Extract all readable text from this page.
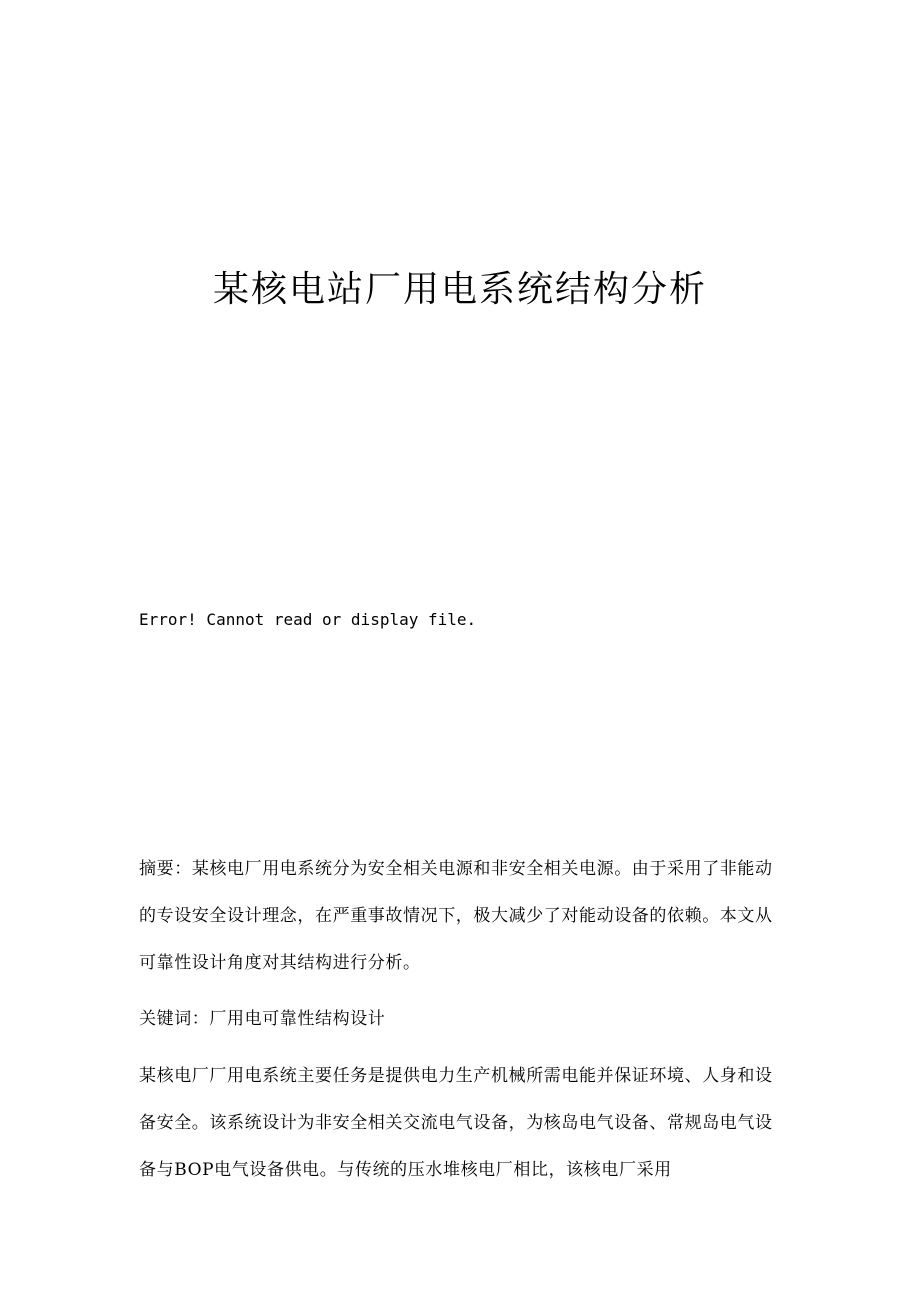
某核电站厂用电系统结构分析
Error! Cannot read or display file.

摘要：某核电厂用电系统分为安全相关电源和非安全相关电源。由于采用了非能动的专设安全设计理念，在严重事故情况下，极大减少了对能动设备的依赖。本文从可靠性设计角度对其结构进行分析。

关键词：厂用电可靠性结构设计

某核电厂厂用电系统主要任务是提供电力生产机械所需电能并保证环境、人身和设备安全。该系统设计为非安全相关交流电气设备，为核岛电气设备、常规岛电气设备与BOP电气设备供电。与传统的压水堆核电厂相比，该核电厂采用
